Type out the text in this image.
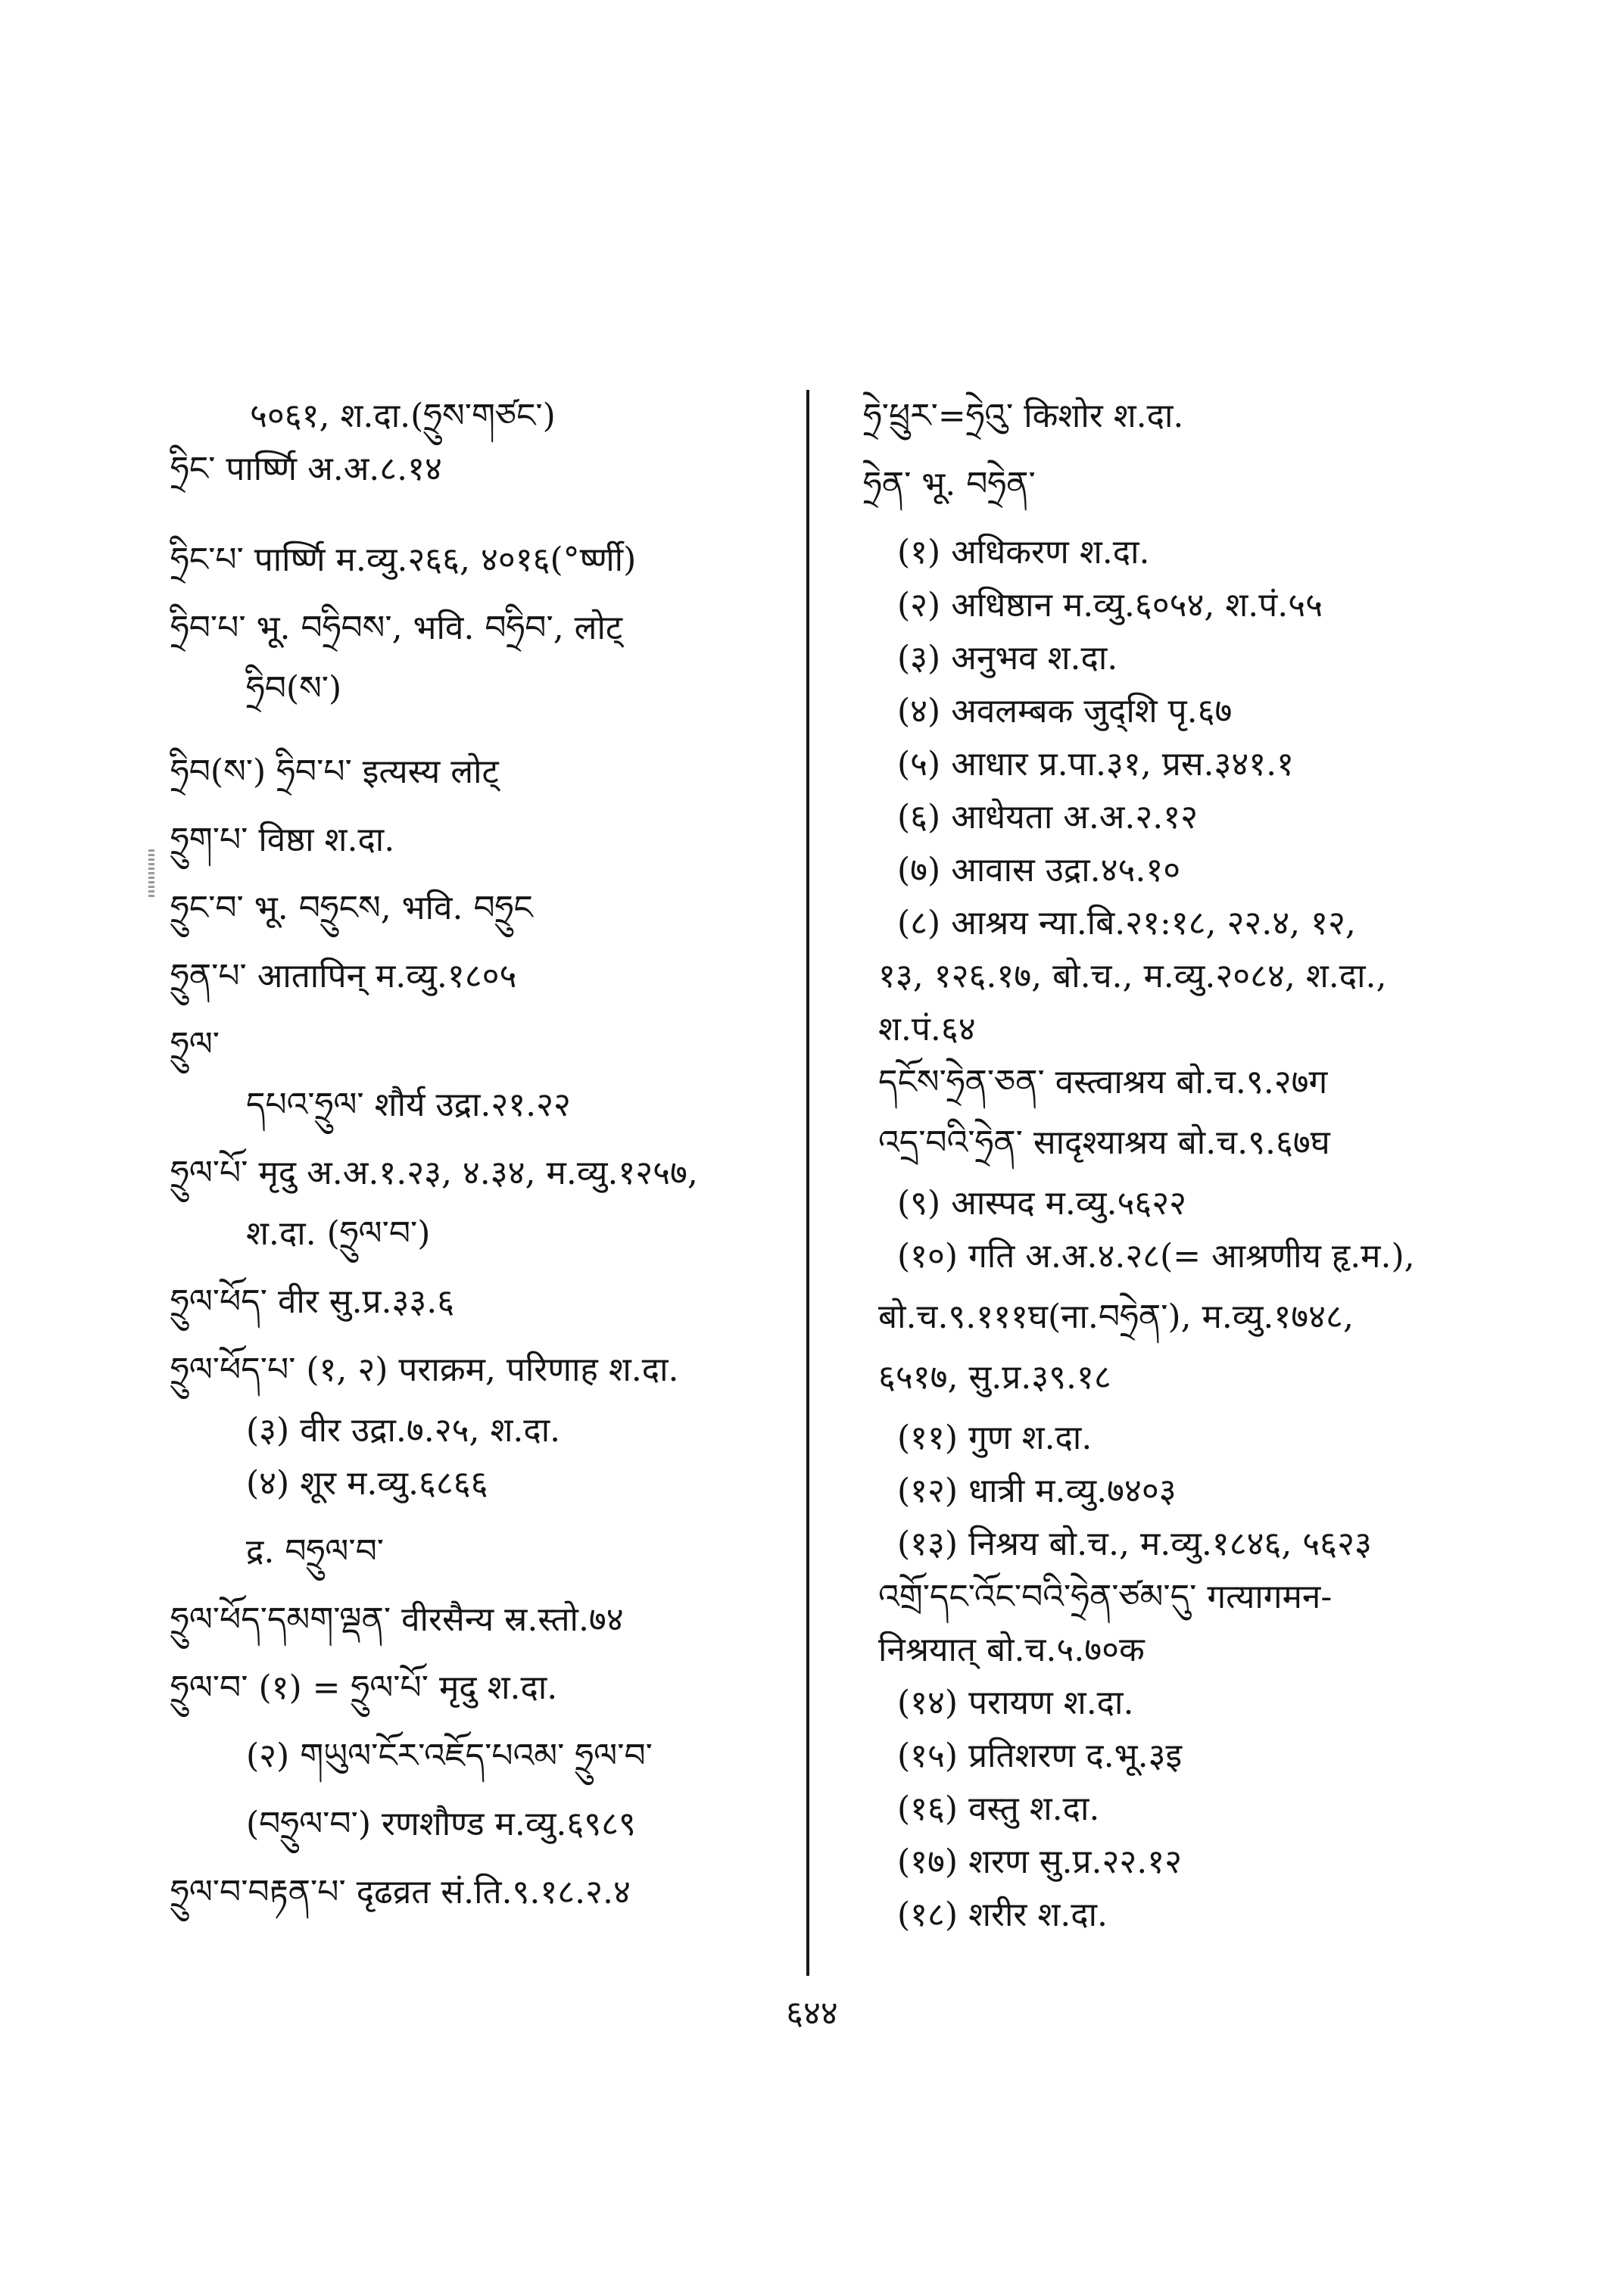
५०६१, श.दा.(ཧྲུས་གཙང༌)
ཧྲིང་ पार्ष्णि अ.अ.८.१४
ཧྲིང་པ་ पार्ष्णि म.व्यु.२६६, ४०१६(°र्ष्णी)
ཧྲིབ་པ་ भू. བཧྲིབས་, भवि. བཧྲིབ་, लोट्
ཧྲིབ(ས་)
ཧྲིབ(ས་) ཧྲིབ་པ་ इत्यस्य लोट्
ཧྲུག་པ་ विष्ठा श.दा.
ཧྲུང་བ་ भू. བཧྲུངས, भवि. བཧྲུང
ཧྲུན་པ་ आतापिन् म.व्यु.१८०५
ཧྲུལ་
དཔའ་ཧྲུལ་ शौर्य उद्रा.२१.२२
ཧྲུལ་པོ་ मृदु अ.अ.१.२३, ४.३४, म.व्यु.१२५७,
श.दा. (ཧྲུལ་བ་)
ཧྲུལ་ཕོད་ वीर सु.प्र.३३.६
ཧྲུལ་ཕོད་པ་ (१, २) पराक्रम, परिणाह श.दा.
(३) वीर उद्रा.७.२५, श.दा.
(४) शूर म.व्यु.६८६६
द्र. བཧྲུལ་བ་
ཧྲུལ་ཕོད་དམག་ལྡན་ वीरसैन्य स्र.स्तो.७४
ཧྲུལ་བ་ (१) = ཧྲུལ་པོ་ मृदु श.दा.
(२) གཡུལ་ངོར་འཇོད་པའམ་ ཧྲུལ་བ་
(བཧྲུལ་བ་) रणशौण्ड म.व्यु.६९८९
ཧྲུལ་བ་བརྟན་པ་ दृढव्रत सं.ति.९.१८.२.४
ཧྲེ་ཕྲུར་=ཧྲེའུ་ किशोर श.दा.
ཧྲེན་ भू. བཧྲེན་
(१) अधिकरण श.दा.
(२) अधिष्ठान म.व्यु.६०५४, श.पं.५५
(३) अनुभव श.दा.
(४) अवलम्बक जुद्शि पृ.६७
(५) आधार प्र.पा.३१, प्रस.३४१.१
(६) आधेयता अ.अ.२.१२
(७) आवास उद्रा.४५.१०
(८) आश्रय न्या.बि.२१:१८, २२.४, १२,
१३, १२६.१७, बो.च., म.व्यु.२०८४, श.दा.,
श.पं.६४
དངོས་ཧྲེན་ཅན་ वस्त्वाश्रय बो.च.९.२७ग
འདྲ་བའི་ཧྲེན་ सादृश्याश्रय बो.च.९.६७घ
(९) आस्पद म.व्यु.५६२२
(१०) गति अ.अ.४.२८(= आश्रणीय हृ.म.),
बो.च.९.१११घ(ना.བཧྲེན་), म.व्यु.१७४८,
६५१७, सु.प्र.३९.१८
(११) गुण श.दा.
(१२) धात्री म.व्यु.७४०३
(१३) निश्रय बो.च., म.व्यु.१८४६, ५६२३
འགྲོ་དང་འོང་བའི་ཧྲེན་ཙམ་དུ་ गत्यागमन-
निश्रयात् बो.च.५.७०क
(१४) परायण श.दा.
(१५) प्रतिशरण द.भू.३इ
(१६) वस्तु श.दा.
(१७) शरण सु.प्र.२२.१२
(१८) शरीर श.दा.
६४४
